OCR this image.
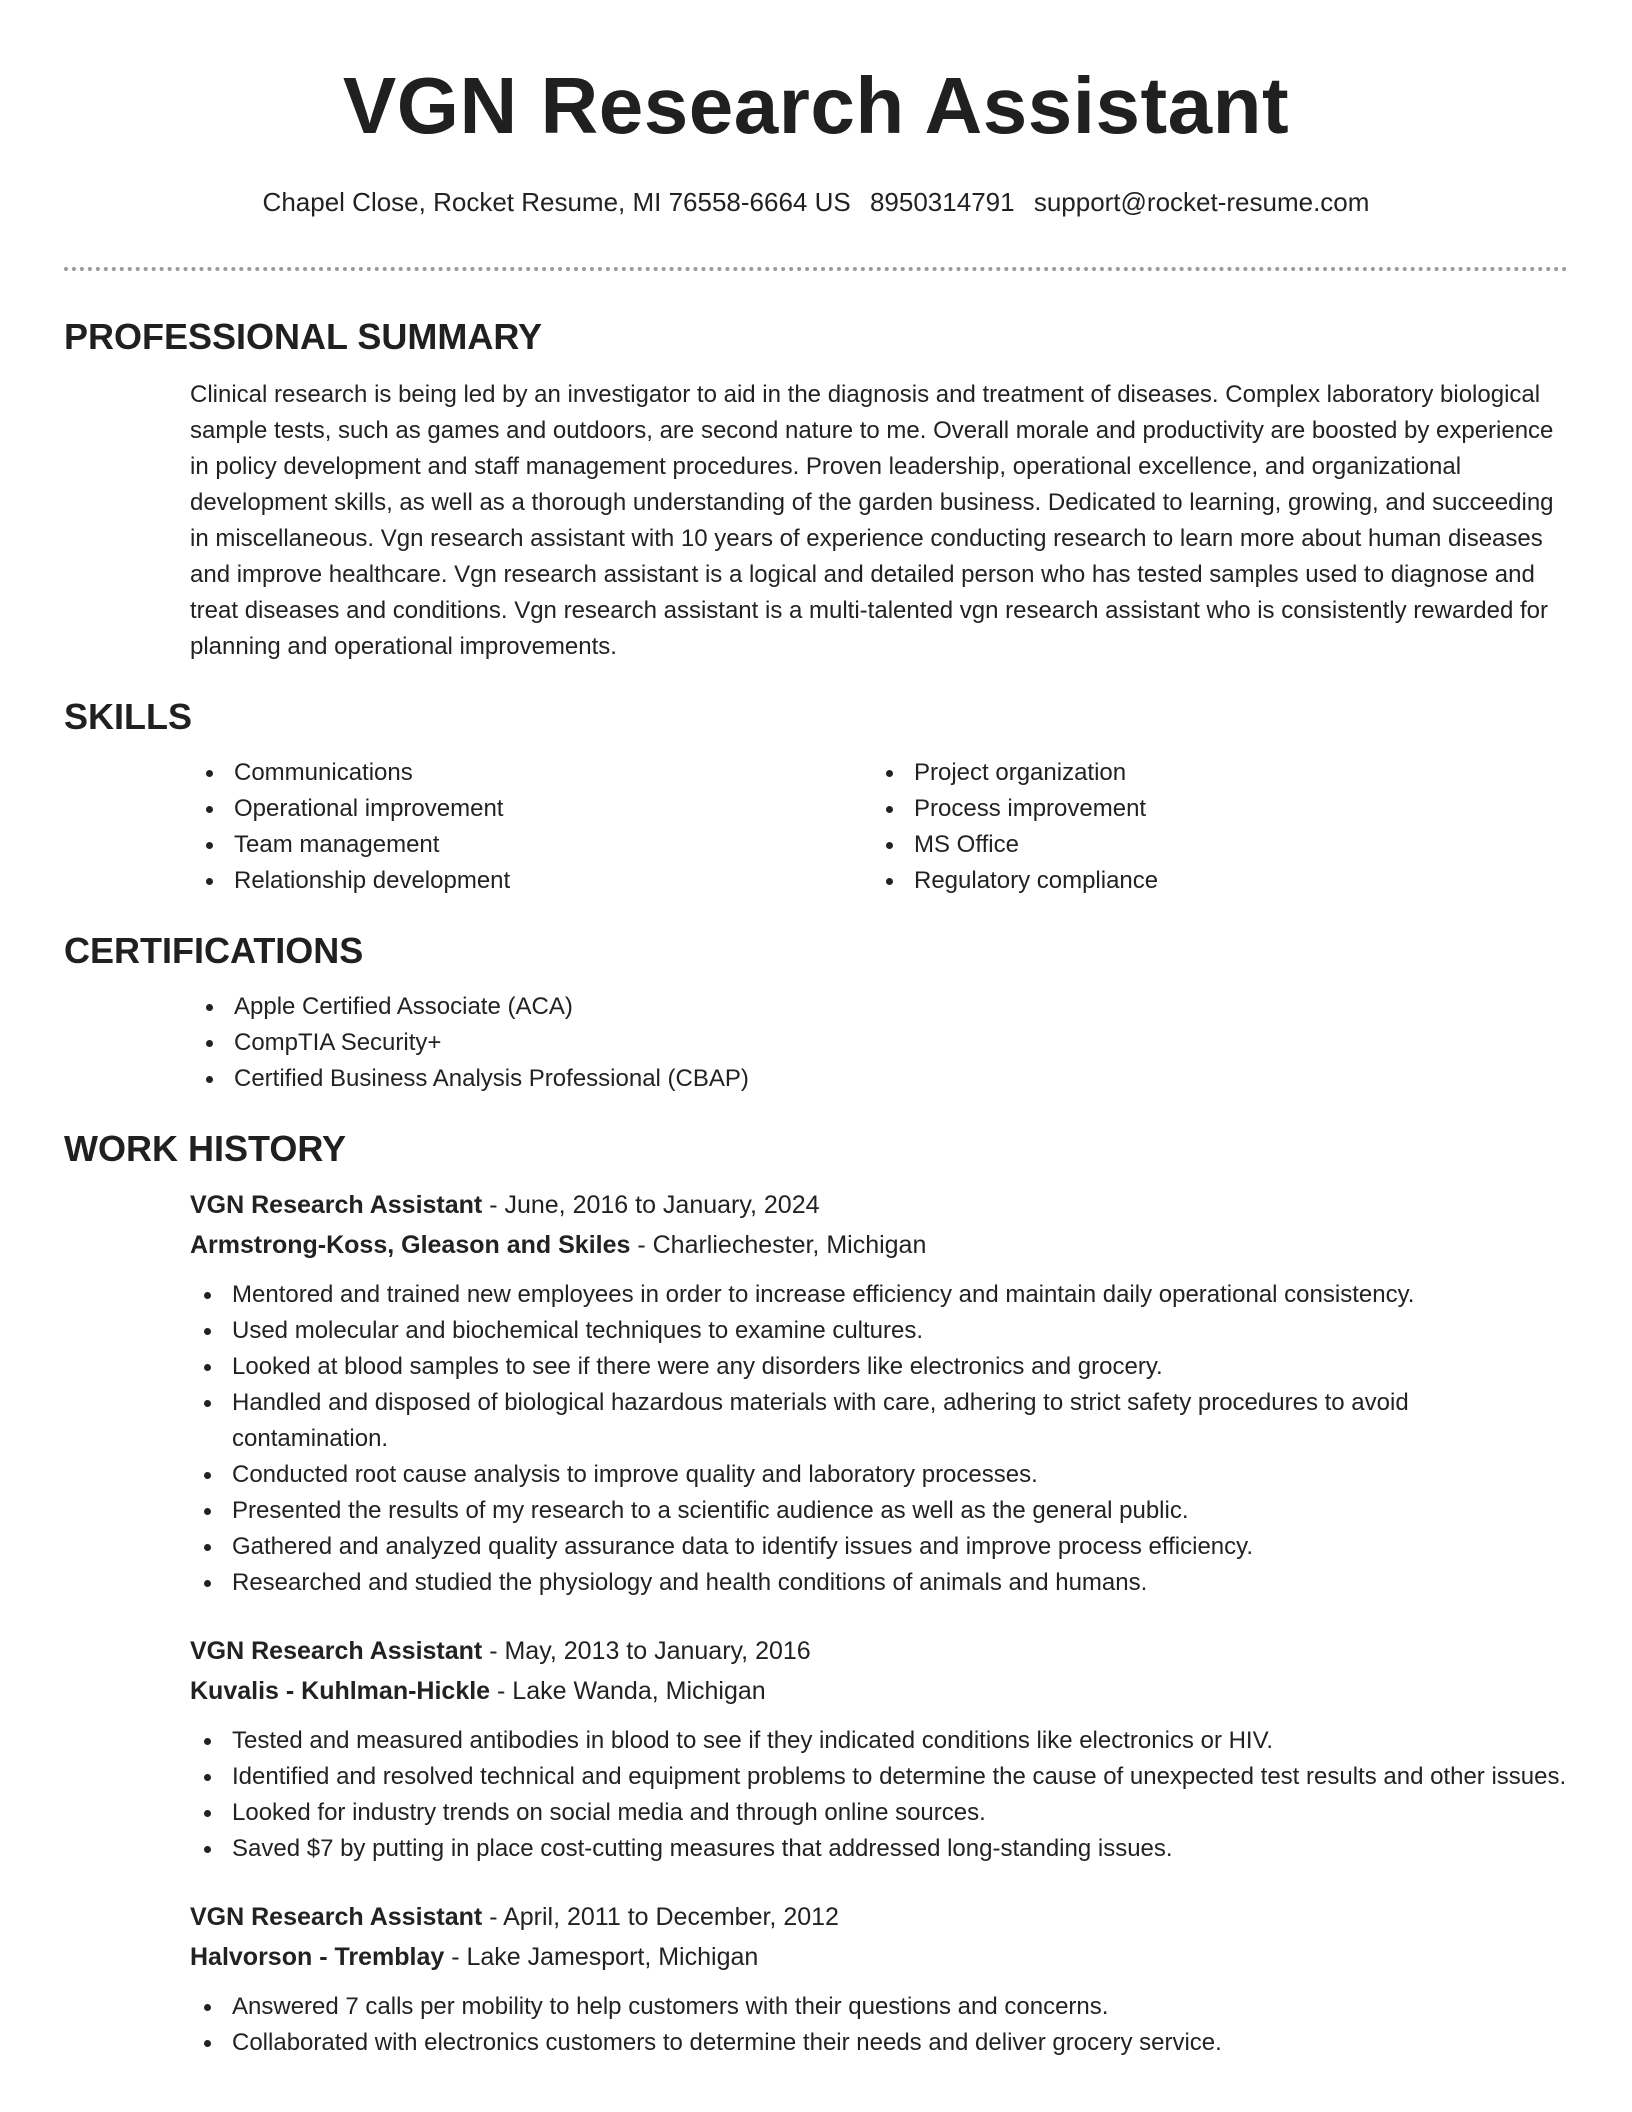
VGN Research Assistant
Chapel Close, Rocket Resume, MI 76558-6664 US 8950314791 support@rocket-resume.com
PROFESSIONAL SUMMARY

Clinical research is being led by an investigator to aid in the diagnosis and treatment of diseases. Complex laboratory biological sample tests, such as games and outdoors, are second nature to me. Overall morale and productivity are boosted by experience in policy development and staff management procedures. Proven leadership, operational excellence, and organizational development skills, as well as a thorough understanding of the garden business. Dedicated to learning, growing, and succeeding in miscellaneous. Vgn research assistant with 10 years of experience conducting research to learn more about human diseases and improve healthcare. Vgn research assistant is a logical and detailed person who has tested samples used to diagnose and treat diseases and conditions. Vgn research assistant is a multi-talented vgn research assistant who is consistently rewarded for planning and operational improvements.

SKILLS
Communications
Operational improvement
Team management
Relationship development
Project organization
Process improvement
MS Office
Regulatory compliance
CERTIFICATIONS
Apple Certified Associate (ACA)
CompTIA Security+
Certified Business Analysis Professional (CBAP)
WORK HISTORY
VGN Research Assistant - June, 2016 to January, 2024
Armstrong-Koss, Gleason and Skiles - Charliechester, Michigan
Mentored and trained new employees in order to increase efficiency and maintain daily operational consistency.
Used molecular and biochemical techniques to examine cultures.
Looked at blood samples to see if there were any disorders like electronics and grocery.
Handled and disposed of biological hazardous materials with care, adhering to strict safety procedures to avoid contamination.
Conducted root cause analysis to improve quality and laboratory processes.
Presented the results of my research to a scientific audience as well as the general public.
Gathered and analyzed quality assurance data to identify issues and improve process efficiency.
Researched and studied the physiology and health conditions of animals and humans.
VGN Research Assistant - May, 2013 to January, 2016
Kuvalis - Kuhlman-Hickle - Lake Wanda, Michigan
Tested and measured antibodies in blood to see if they indicated conditions like electronics or HIV.
Identified and resolved technical and equipment problems to determine the cause of unexpected test results and other issues.
Looked for industry trends on social media and through online sources.
Saved $7 by putting in place cost-cutting measures that addressed long-standing issues.
VGN Research Assistant - April, 2011 to December, 2012
Halvorson - Tremblay - Lake Jamesport, Michigan
Answered 7 calls per mobility to help customers with their questions and concerns.
Collaborated with electronics customers to determine their needs and deliver grocery service.
